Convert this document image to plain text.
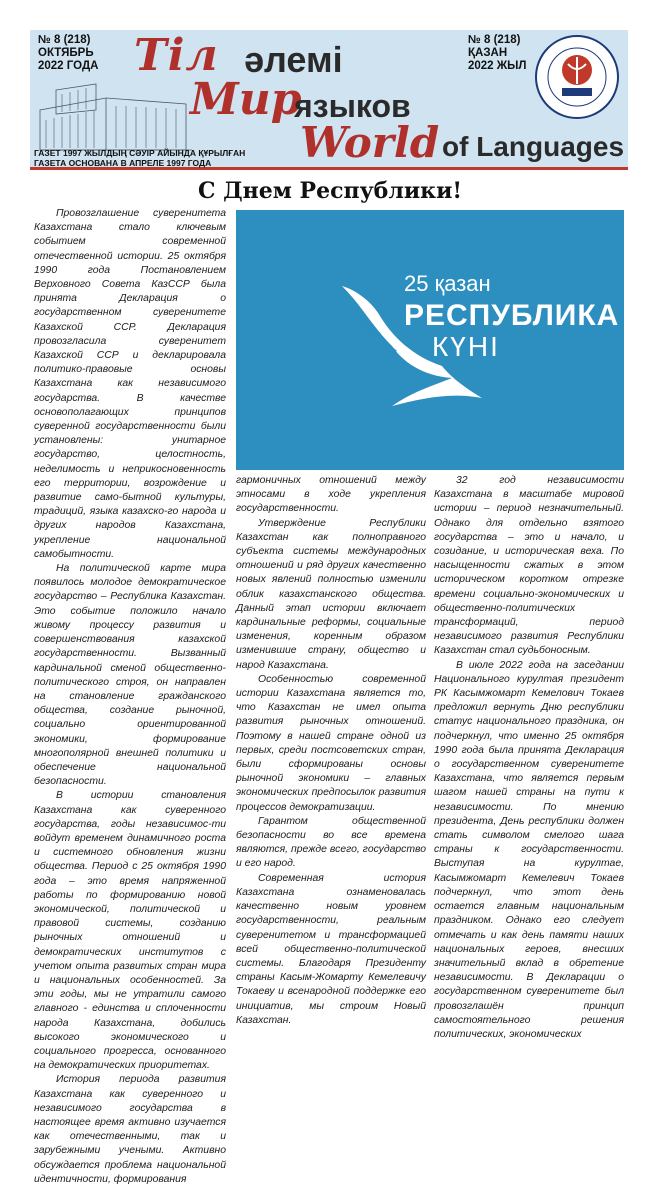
№ 8 (218)
ОКТЯБРЬ
2022 ГОДА Тіл әлемі
Мир
языков
World of Languages
ГАЗЕТ 1997 ЖЫЛДЫҢ СӘУІР АЙЫНДА ҚҰРЫЛҒАН
ГАЗЕТА ОСНОВАНА В АПРЕЛЕ 1997 ГОДА
№ 8 (218)
ҚАЗАН
2022 ЖЫЛ
С Днем Республики!
25 қазан
РЕСПУБЛИКА
КҮНІ

Провозглашение суверенитета Казахстана стало ключевым событием современной отечественной истории. 25 октября 1990 года Постановлением Верховного Совета КазССР была принята Декларация о государственном суверенитете Казахской ССР. Декларация провозгласила суверенитет Казахской ССР и декларировала политико-правовые основы Казахстана как независимого государства. В качестве основополагающих принципов суверенной государственности были установлены: унитарное государство, целостность, неделимость и неприкосновенность его территории, возрождение и развитие само-бытной культуры, традиций, языка казахско-го народа и других народов Казахстана, укрепление национальной самобытности.

На политической карте мира появилось молодое демократическое государство – Республика Казахстан. Это событие положило начало живому процессу развития и совершенствования казахской государственности. Вызванный кардинальной сменой общественно-политического строя, он направлен на становление гражданского общества, создание рыночной, социально ориентированной экономики, формирование многополярной внешней политики и обеспечение национальной безопасности.

В истории становления Казахстана как суверенного государства, годы независимос-ти войдут временем динамичного роста и системного обновления жизни общества. Период с 25 октября 1990 года – это время напряженной работы по формированию новой экономической, политической и правовой системы, созданию рыночных отношений и демократических институтов с учетом опыта развитых стран мира и национальных особенностей. За эти годы, мы не утратили самого главного - единства и сплоченности народа Казахстана, добились высокого экономического и социального прогресса, основанного на демократических приоритетах.

История периода развития Казахстана как суверенного и независимого государства в настоящее время активно изучается как отечественными, так и зарубежными учеными. Активно обсуждается проблема национальной идентичности, формирования

гармоничных отношений между этносами в ходе укрепления государственности.

Утверждение Республики Казахстан как полноправного субъекта системы международных отношений и ряд других качественно новых явлений полностью изменили облик казахстанского общества. Данный этап истории включает кардинальные реформы, социальные изменения, коренным образом изменившие страну, общество и народ Казахстана.

Особенностью современной истории Казахстана является то, что Казахстан не имел опыта развития рыночных отношений. Поэтому в нашей стране одной из первых, среди постсоветских стран, были сформированы основы рыночной экономики – главных экономических предпосылок развития процессов демократизации.

Гарантом общественной безопасности во все времена являются, прежде всего, государство и его народ.

Современная история Казахстана ознаменовалась качественно новым уровнем государственности, реальным суверенитетом и трансформацией всей общественно-политической системы. Благодаря Президенту страны Касым-Жомарту Кемелевичу Токаеву и всенародной поддержке его инициатив, мы строим Новый Казахстан.

32 год независимости Казахстана в масштабе мировой истории – период незначительный. Однако для отдельно взятого государства – это и начало, и созидание, и историческая веха. По насыщенности сжатых в этом историческом коротком отрезке времени социально-экономических и общественно-политических трансформаций, период независимого развития Республики Казахстан стал судьбоносным.

В июле 2022 года на заседании Национального курултая президент РК Касымжомарт Кемелович Токаев предложил вернуть Дню республики статус национального праздника, он подчеркнул, что именно 25 октября 1990 года была принята Декларация о государственном суверенитете Казахстана, что является первым шагом нашей страны на пути к независимости. По мнению президента, День республики должен стать символом смелого шага страны к государственности. Выступая на курултае, Касымжомарт Кемелевич Токаев подчеркнул, что этот день остается главным национальным праздником. Однако его следует отмечать и как день памяти наших национальных героев, внесших значительный вклад в обретение независимости. В Декларации о государственном суверенитете был провозглашён принцип самостоятельного решения политических, экономических
